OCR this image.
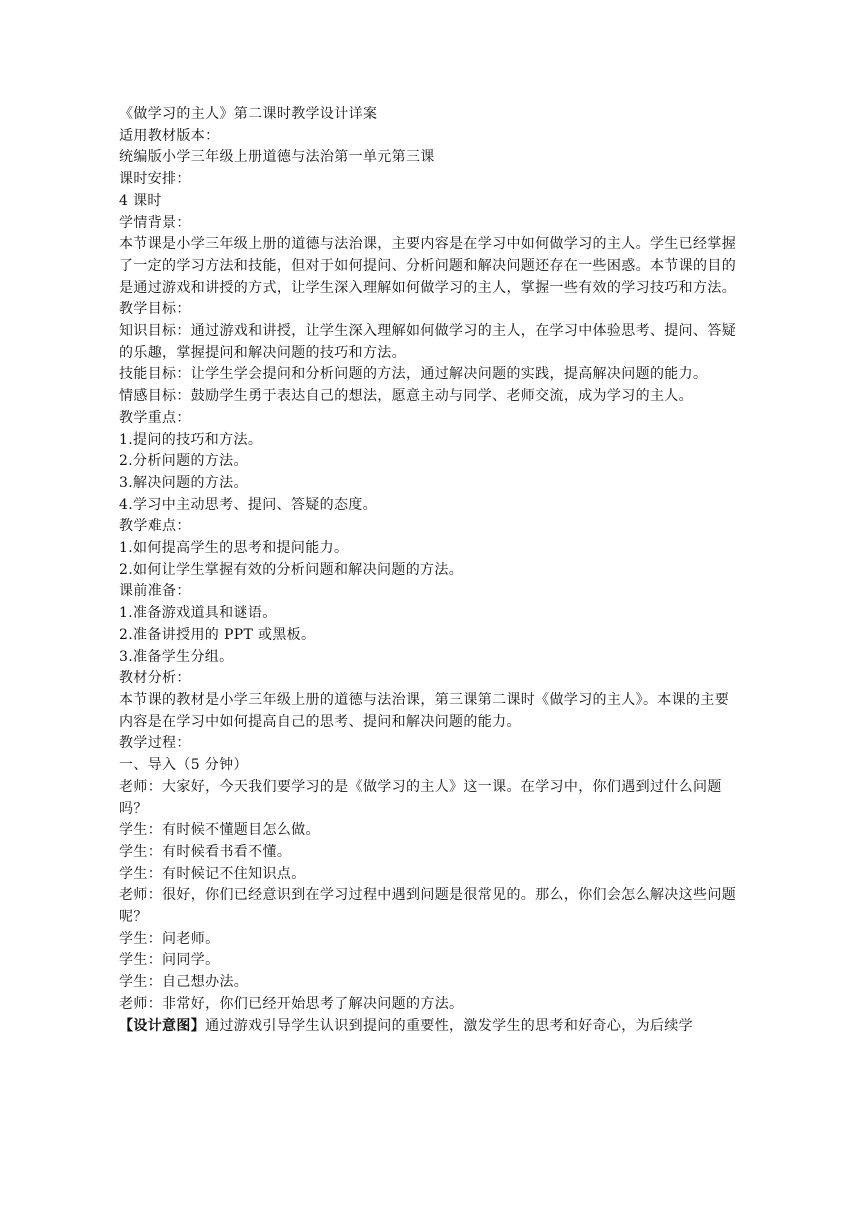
《做学习的主人》第二课时教学设计详案

适用教材版本：

统编版小学三年级上册道德与法治第一单元第三课

课时安排：

4 课时

学情背景：

本节课是小学三年级上册的道德与法治课，主要内容是在学习中如何做学习的主人。学生已经掌握了一定的学习方法和技能，但对于如何提问、分析问题和解决问题还存在一些困惑。本节课的目的是通过游戏和讲授的方式，让学生深入理解如何做学习的主人，掌握一些有效的学习技巧和方法。

教学目标：

知识目标：通过游戏和讲授，让学生深入理解如何做学习的主人，在学习中体验思考、提问、答疑的乐趣，掌握提问和解决问题的技巧和方法。

技能目标：让学生学会提问和分析问题的方法，通过解决问题的实践，提高解决问题的能力。

情感目标：鼓励学生勇于表达自己的想法，愿意主动与同学、老师交流，成为学习的主人。

教学重点：

1.提问的技巧和方法。

2.分析问题的方法。

3.解决问题的方法。

4.学习中主动思考、提问、答疑的态度。

教学难点：

1.如何提高学生的思考和提问能力。

2.如何让学生掌握有效的分析问题和解决问题的方法。

课前准备：

1.准备游戏道具和谜语。

2.准备讲授用的 PPT 或黑板。

3.准备学生分组。

教材分析：

本节课的教材是小学三年级上册的道德与法治课，第三课第二课时《做学习的主人》。本课的主要内容是在学习中如何提高自己的思考、提问和解决问题的能力。

教学过程：

一、导入（5 分钟）

老师：大家好，今天我们要学习的是《做学习的主人》这一课。在学习中，你们遇到过什么问题吗？

学生：有时候不懂题目怎么做。

学生：有时候看书看不懂。

学生：有时候记不住知识点。

老师：很好，你们已经意识到在学习过程中遇到问题是很常见的。那么，你们会怎么解决这些问题呢？

学生：问老师。

学生：问同学。

学生：自己想办法。

老师：非常好，你们已经开始思考了解决问题的方法。

【设计意图】通过游戏引导学生认识到提问的重要性，激发学生的思考和好奇心，为后续学
